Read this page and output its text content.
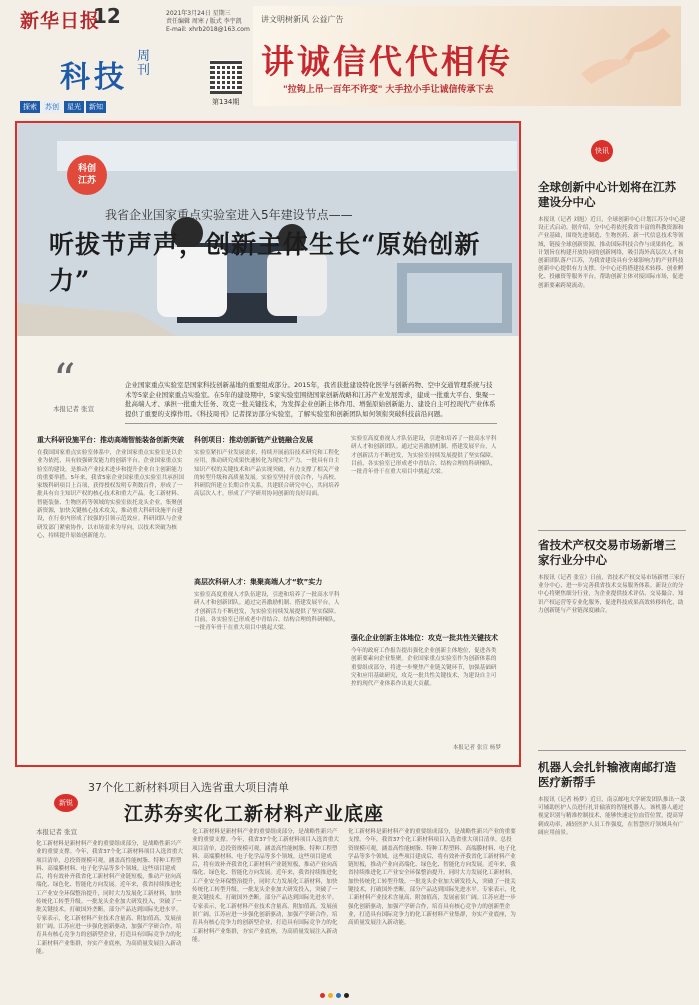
新华日报
12	2021年3月24日 星期三
责任编辑 周寒 / 版式 李宇凯
E-mail: xhrb2018@163.com
科技
周刊
第134期
探索	苏创	星光	新知
讲文明树新风 公益广告
讲诚信代代相传
"拉钩上吊一百年不许变" 大手拉小手让诚信传承下去
科创
江苏
我省企业国家重点实验室进入5年建设节点——
听拔节声声，创新主体生长“原始创新力”
“
本报记者 张宣
企业国家重点实验室是国家科技创新基地的重要组成部分。2015年，我省获批建设特化医学与创新药物、空中交通管理系统与技术等5家企业国家重点实验室。在5年的建设期中，5家实验室围绕国家创新战略和江苏产业发展需求，建成一批重大平台、集聚一批高端人才、承担一批重大任务、攻克一批关键技术，为发挥企业创新主体作用、增强原始创新能力、建设自主可控现代产业体系提供了重要的支撑作用。《科技周刊》记者探访部分实验室，了解实验室和创新团队如何领衔突破科技前沿问题。
重大科研设施平台：推动高端智能装备创新突破
在我国国家重点实验室体系中，企业国家重点实验室是以企业为依托、具有较强研发能力的创新平台。企业国家重点实验室的建设，是推动产业技术进步和提升企业自主创新能力的重要举措。5年来，我省5家企业国家重点实验室共承担国家级科研项目上百项，获得授权发明专利数百件，形成了一批具有自主知识产权的核心技术和重大产品。化工新材料、智能装备、生物医药等领域的实验室依托龙头企业，集聚创新资源，加快关键核心技术攻关，推动重大科研设施平台建设，在行业内形成了较强的引领示范效应。科研团队与企业研发部门紧密协作，以市场需求为导向，以技术突破为核心，持续提升原始创新能力。
科创项目：推动创新链产业链融合发展
实验室紧扣产业发展需求，持续开展前沿技术研究和工程化应用，推动研究成果快速转化为现实生产力。一批具有自主知识产权的关键技术和产品实现突破，有力支撑了相关产业的转型升级和高质量发展。实验室坚持开放合作，与高校、科研院所建立长期合作关系，共建联合研究中心，共同培养高层次人才，形成了产学研用协同创新的良好局面。
高层次科研人才：集聚高端人才“软”实力
实验室高度重视人才队伍建设，引进和培养了一批高水平科研人才和创新团队。通过完善激励机制、搭建发展平台，人才创新活力不断迸发，为实验室持续发展提供了坚实保障。目前，各实验室已形成老中青结合、结构合理的科研梯队，一批青年骨干在重大项目中挑起大梁。
实验室高度重视人才队伍建设，引进和培养了一批高水平科研人才和创新团队。通过完善激励机制、搭建发展平台，人才创新活力不断迸发，为实验室持续发展提供了坚实保障。目前，各实验室已形成老中青结合、结构合理的科研梯队，一批青年骨干在重大项目中挑起大梁。
强化企业创新主体地位：攻克一批共性关键技术
今年的政府工作报告提出强化企业创新主体地位，促进各类创新要素向企业集聚。企业国家重点实验室作为创新体系的重要组成部分，将进一步聚焦产业链关键环节，加强基础研究和应用基础研究，攻克一批共性关键技术，为建设自主可控的现代产业体系作出更大贡献。
本报记者 张宣 杨梦
快讯
全球创新中心计划将在江苏建设分中心
本报讯（记者 刘旭）近日，全球创新中心计划江苏分中心建设正式启动。据介绍，分中心将依托我省丰富的科教资源和产业基础，围绕先进制造、生物医药、新一代信息技术等领域，链接全球创新资源，推动国际科技合作与成果转化。该计划旨在构建开放协同的创新网络，吸引海外高层次人才和创新团队落户江苏，为我省建设具有全球影响力的产业科技创新中心提供有力支撑。分中心还将搭建技术转移、创业孵化、投融资等服务平台，帮助创新主体对接国际市场，促进创新要素跨境流动。
省技术产权交易市场新增三家行业分中心
本报讯（记者 张宣）日前，省技术产权交易市场新增三家行业分中心，进一步完善我省技术交易服务体系。新设立的分中心将聚焦细分行业，为企业提供技术评估、交易撮合、知识产权运营等专业化服务，促进科技成果高效转移转化，助力创新链与产业链深度融合。
机器人会扎针输液南邮打造医疗新帮手
本报讯（记者 杨梦）近日，南京邮电大学研发团队推出一款可辅助医护人员进行扎针输液的智能机器人。该机器人通过视觉识别与精准控制技术，能够快速定位血管位置，提高穿刺成功率，减轻医护人员工作强度，在智慧医疗领域具有广阔应用前景。
新锐
37个化工新材料项目入选省重大项目清单
江苏夯实化工新材料产业底座
本报记者 张宣
化工新材料是新材料产业的重要组成部分，是战略性新兴产业的重要支撑。今年，我省37个化工新材料项目入选省重大项目清单，总投资规模可观，涵盖高性能树脂、特种工程塑料、高端膜材料、电子化学品等多个领域。这些项目建成后，将有效补齐我省化工新材料产业链短板，推动产业向高端化、绿色化、智能化方向发展。近年来，我省持续推进化工产业安全环保整治提升，同时大力发展化工新材料，加快传统化工转型升级。一批龙头企业加大研发投入，突破了一批关键技术，打破国外垄断，部分产品达到国际先进水平。专家表示，化工新材料产业技术含量高、附加值高，发展前景广阔。江苏应进一步强化创新驱动，加强产学研合作，培育具有核心竞争力的创新型企业，打造具有国际竞争力的化工新材料产业集群，夯实产业底座，为高质量发展注入新动能。
化工新材料是新材料产业的重要组成部分，是战略性新兴产业的重要支撑。今年，我省37个化工新材料项目入选省重大项目清单，总投资规模可观，涵盖高性能树脂、特种工程塑料、高端膜材料、电子化学品等多个领域。这些项目建成后，将有效补齐我省化工新材料产业链短板，推动产业向高端化、绿色化、智能化方向发展。近年来，我省持续推进化工产业安全环保整治提升，同时大力发展化工新材料，加快传统化工转型升级。一批龙头企业加大研发投入，突破了一批关键技术，打破国外垄断，部分产品达到国际先进水平。专家表示，化工新材料产业技术含量高、附加值高，发展前景广阔。江苏应进一步强化创新驱动，加强产学研合作，培育具有核心竞争力的创新型企业，打造具有国际竞争力的化工新材料产业集群，夯实产业底座，为高质量发展注入新动能。
化工新材料是新材料产业的重要组成部分，是战略性新兴产业的重要支撑。今年，我省37个化工新材料项目入选省重大项目清单，总投资规模可观，涵盖高性能树脂、特种工程塑料、高端膜材料、电子化学品等多个领域。这些项目建成后，将有效补齐我省化工新材料产业链短板，推动产业向高端化、绿色化、智能化方向发展。近年来，我省持续推进化工产业安全环保整治提升，同时大力发展化工新材料，加快传统化工转型升级。一批龙头企业加大研发投入，突破了一批关键技术，打破国外垄断，部分产品达到国际先进水平。专家表示，化工新材料产业技术含量高、附加值高，发展前景广阔。江苏应进一步强化创新驱动，加强产学研合作，培育具有核心竞争力的创新型企业，打造具有国际竞争力的化工新材料产业集群，夯实产业底座，为高质量发展注入新动能。
